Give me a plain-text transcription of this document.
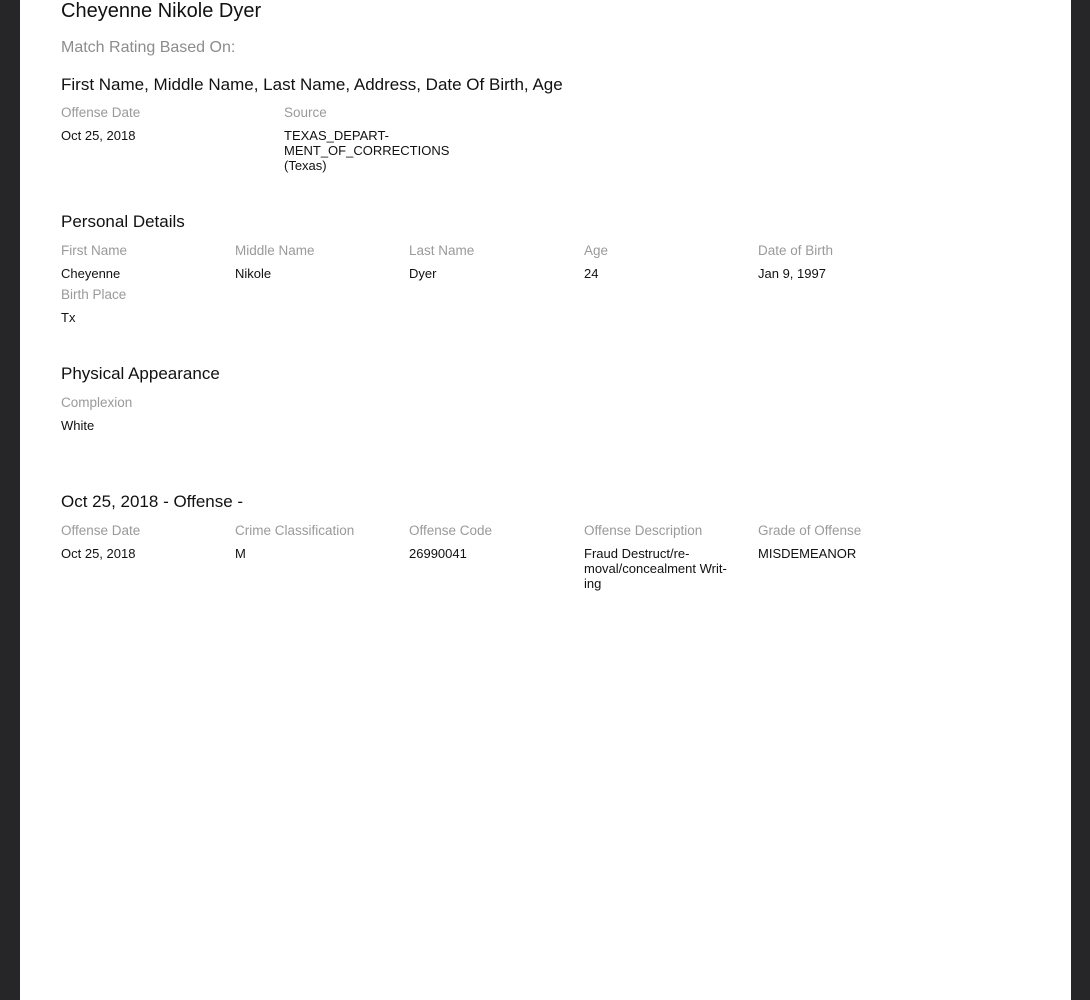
Cheyenne Nikole Dyer
Match Rating Based On:
First Name, Middle Name, Last Name, Address, Date Of Birth, Age
Offense Date
Oct 25, 2018
Source
TEXAS_DEPART-
MENT_OF_CORRECTIONS
(Texas)
Personal Details
First Name
Cheyenne
Middle Name
Nikole
Last Name
Dyer
Age
24
Date of Birth
Jan 9, 1997
Birth Place
Tx
Physical Appearance
Complexion
White
Oct 25, 2018 - Offense -
Offense Date
Oct 25, 2018
Crime Classification
M
Offense Code
26990041
Offense Description
Fraud Destruct/re-
moval/concealment Writ-
ing
Grade of Offense
MISDEMEANOR
